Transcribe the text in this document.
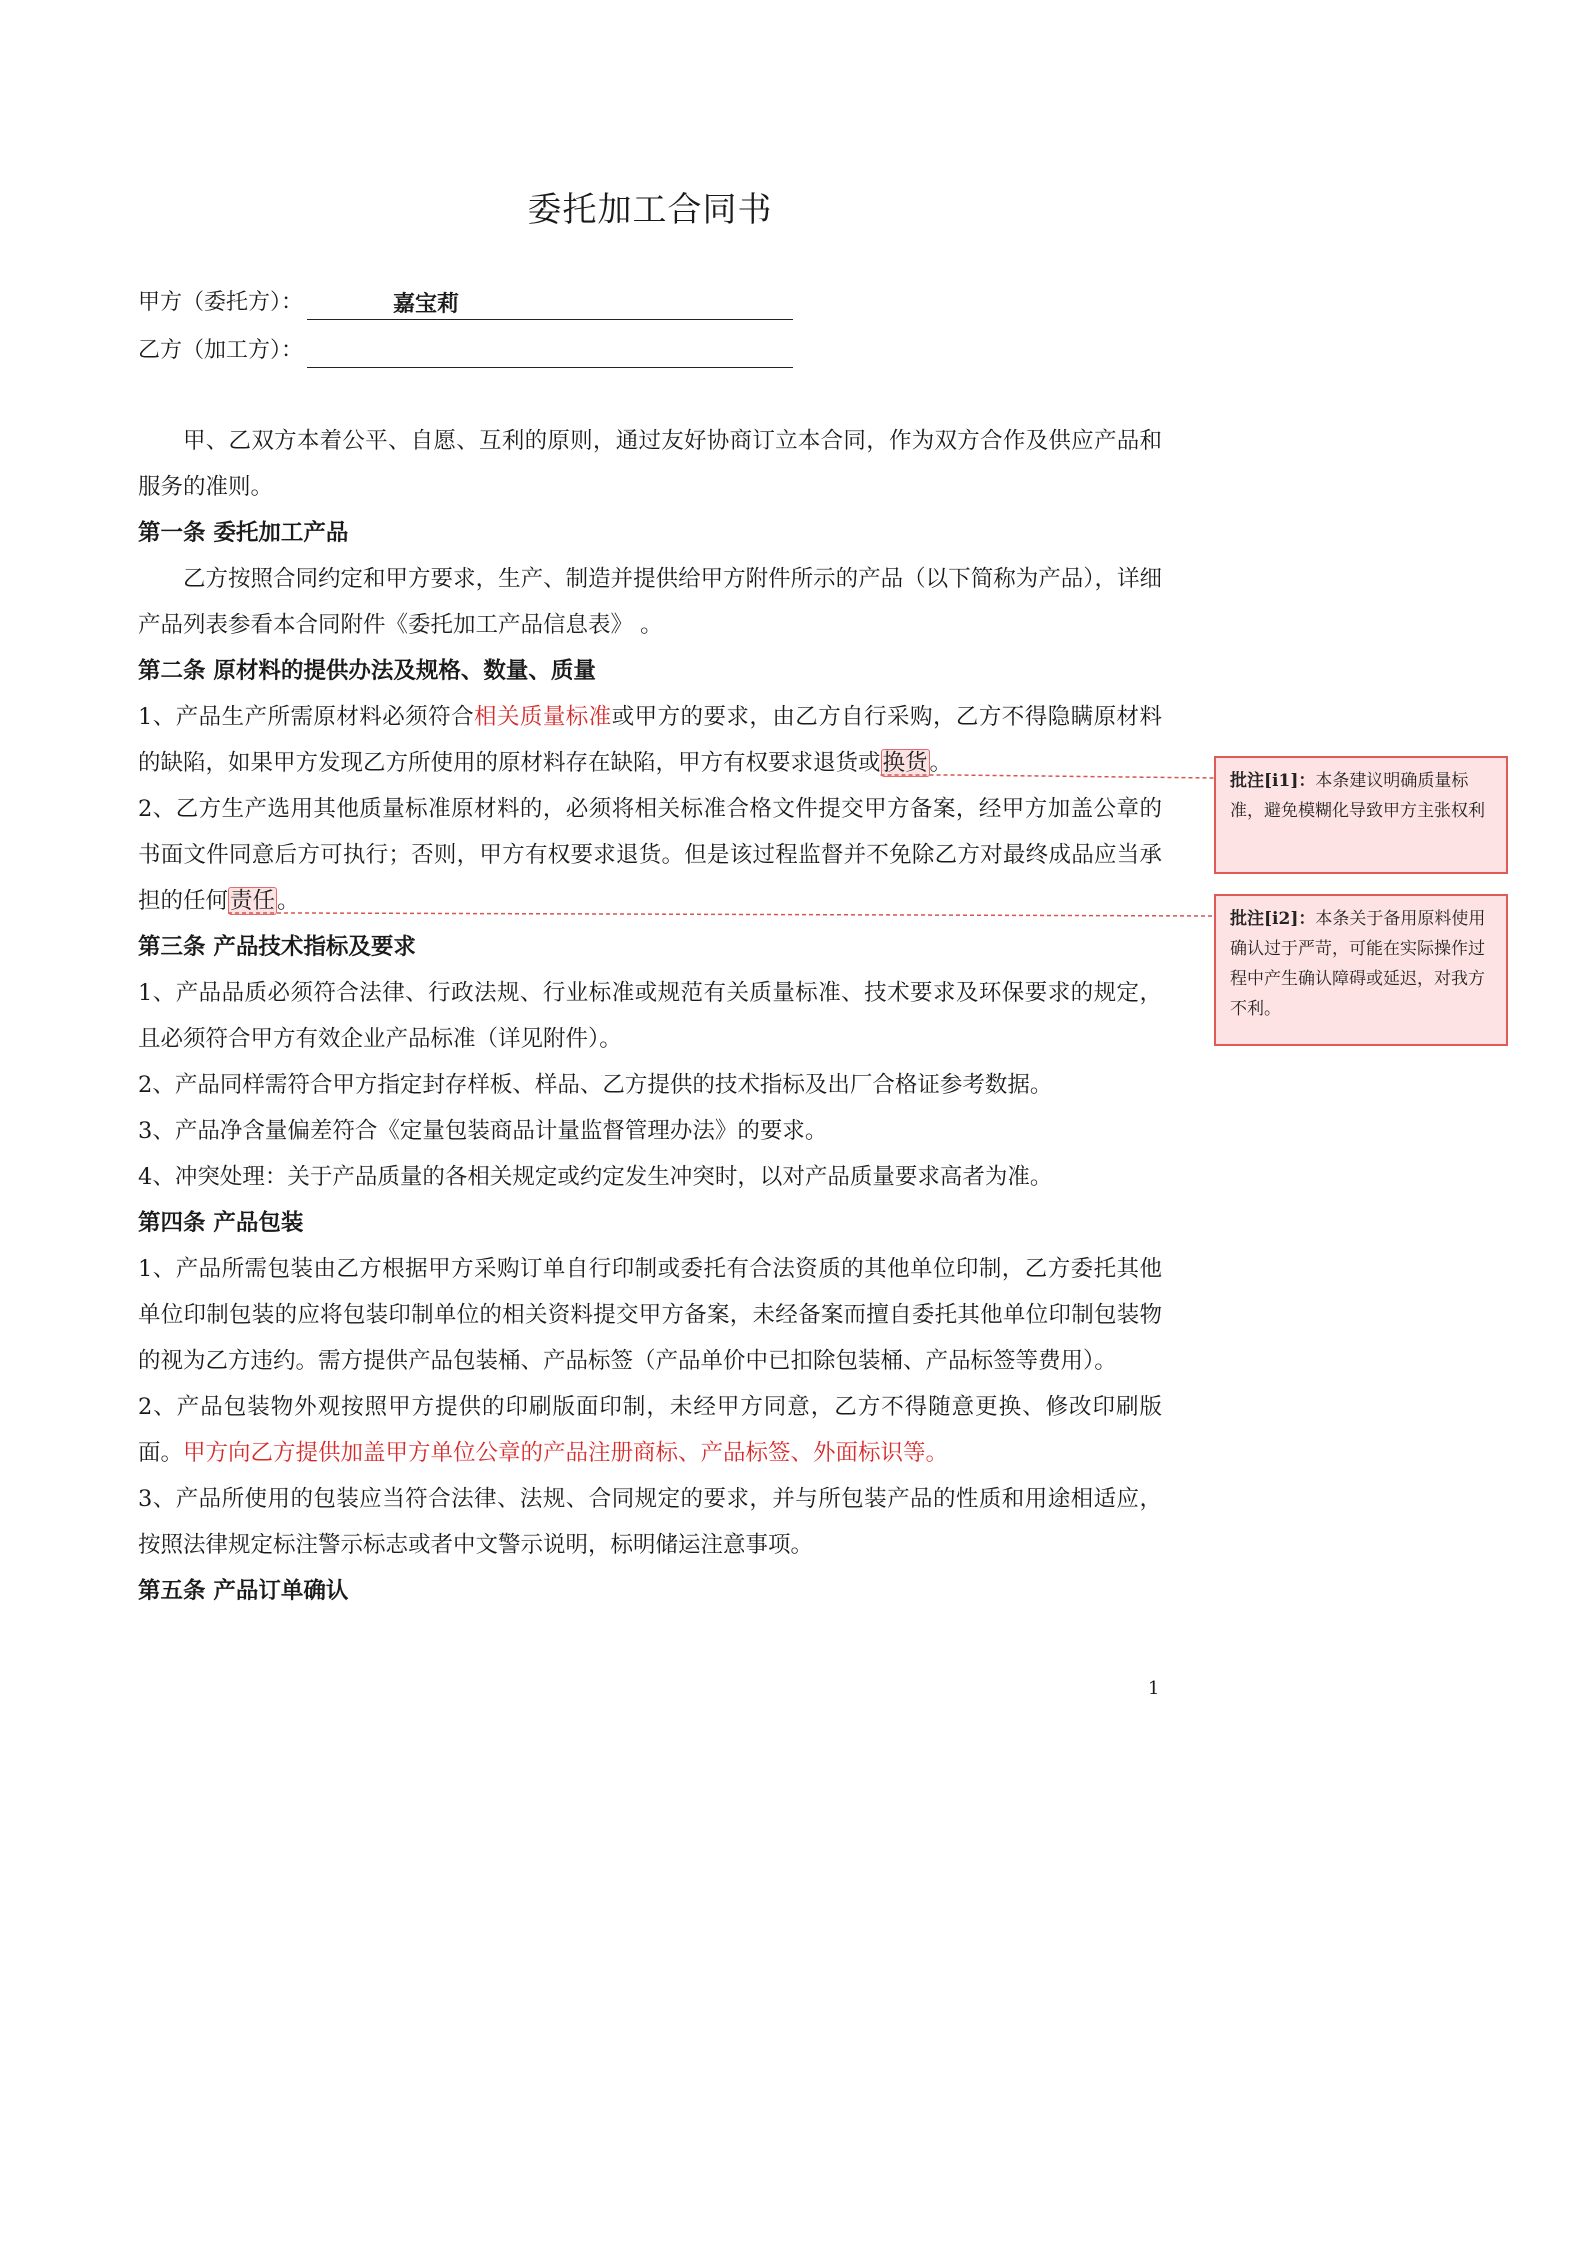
委托加工合同书
甲方（委托方）：	嘉宝莉
乙方（加工方）：

甲、乙双方本着公平、自愿、互利的原则，通过友好协商订立本合同，作为双方合作及供应产品和服务的准则。

第一条 委托加工产品

乙方按照合同约定和甲方要求，生产、制造并提供给甲方附件所示的产品（以下简称为产品），详细产品列表参看本合同附件《委托加工产品信息表》 。

第二条 原材料的提供办法及规格、数量、质量

1、产品生产所需原材料必须符合相关质量标准或甲方的要求，由乙方自行采购，乙方不得隐瞒原材料的缺陷，如果甲方发现乙方所使用的原材料存在缺陷，甲方有权要求退货或换货。

2、乙方生产选用其他质量标准原材料的，必须将相关标准合格文件提交甲方备案，经甲方加盖公章的书面文件同意后方可执行；否则，甲方有权要求退货。但是该过程监督并不免除乙方对最终成品应当承担的任何责任。

第三条 产品技术指标及要求

1、产品品质必须符合法律、行政法规、行业标准或规范有关质量标准、技术要求及环保要求的规定，且必须符合甲方有效企业产品标准（详见附件）。

2、产品同样需符合甲方指定封存样板、样品、乙方提供的技术指标及出厂合格证参考数据。

3、产品净含量偏差符合《定量包装商品计量监督管理办法》的要求。

4、冲突处理：关于产品质量的各相关规定或约定发生冲突时，以对产品质量要求高者为准。

第四条 产品包装

1、产品所需包装由乙方根据甲方采购订单自行印制或委托有合法资质的其他单位印制，乙方委托其他单位印制包装的应将包装印制单位的相关资料提交甲方备案，未经备案而擅自委托其他单位印制包装物的视为乙方违约。需方提供产品包装桶、产品标签（产品单价中已扣除包装桶、产品标签等费用）。

2、产品包装物外观按照甲方提供的印刷版面印制，未经甲方同意，乙方不得随意更换、修改印刷版面。甲方向乙方提供加盖甲方单位公章的产品注册商标、产品标签、外面标识等。

3、产品所使用的包装应当符合法律、法规、合同规定的要求，并与所包装产品的性质和用途相适应，按照法律规定标注警示标志或者中文警示说明，标明储运注意事项。

第五条 产品订单确认

批注[i1]：本条建议明确质量标准，避免模糊化导致甲方主张权利
批注[i2]：本条关于备用原料使用确认过于严苛，可能在实际操作过程中产生确认障碍或延迟，对我方不利。
1
